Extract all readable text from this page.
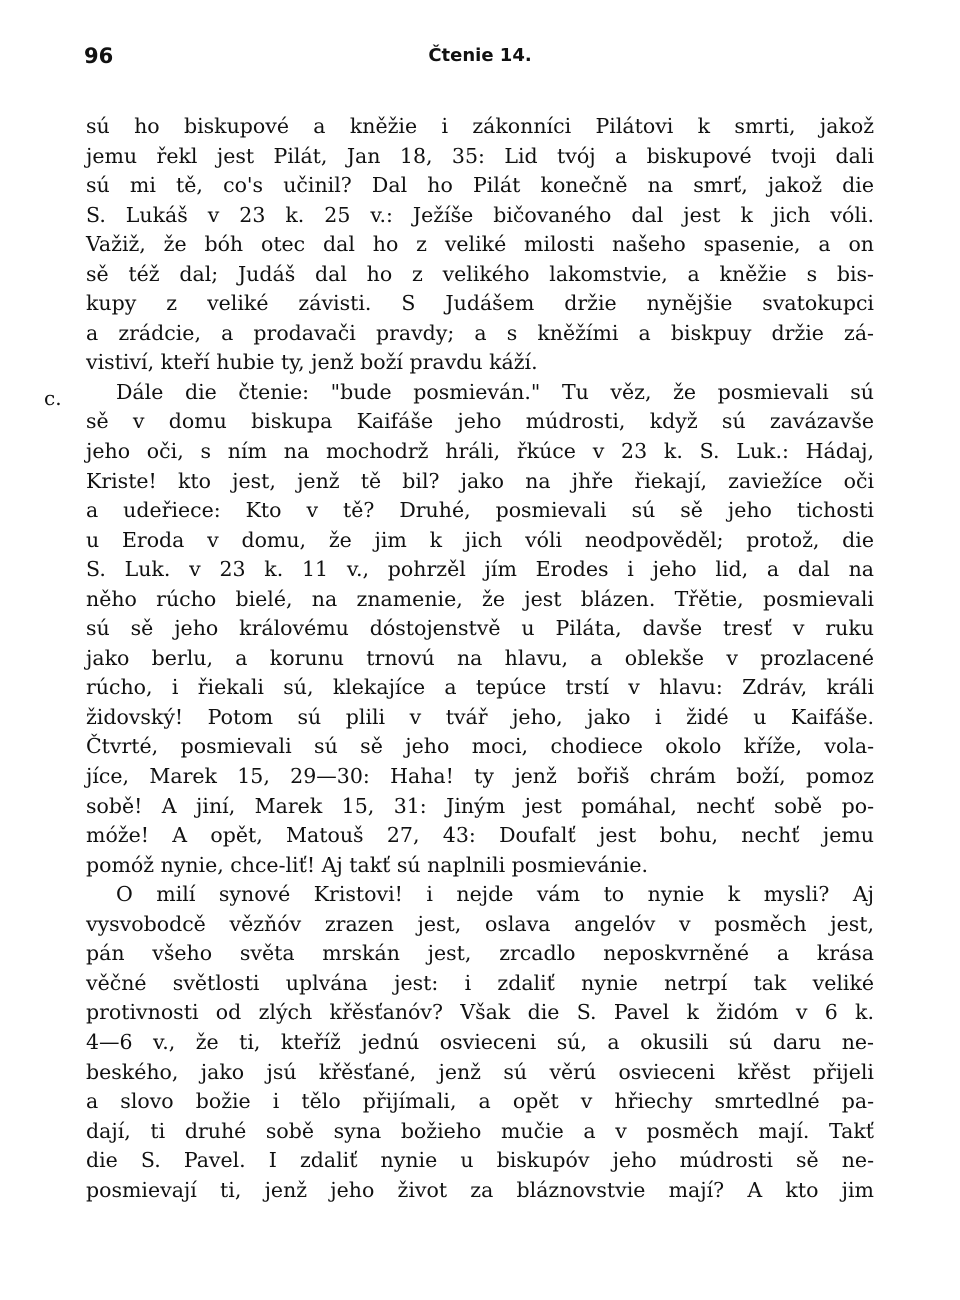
96	Čtenie 14.
c.
sú ho biskupové a kněžie i zákonníci Pilátovi k smrti, jakož
jemu řekl jest Pilát, Jan 18, 35: Lid tvój a biskupové tvoji dali
sú mi tě, co's učinil? Dal ho Pilát konečně na smrť, jakož die
S. Lukáš v 23 k. 25 v.: Ježíše bičovaného dal jest k jich vóli.
Važiž, že bóh otec dal ho z veliké milosti našeho spasenie, a on
sě též dal; Judáš dal ho z velikého lakomstvie, a kněžie s bis-
kupy z veliké závisti. S Judášem držie nynějšie svatokupci
a zrádcie, a prodavači pravdy; a s kněžími a biskpuy držie zá-
vistiví, kteří hubie ty, jenž boží pravdu káží.
Dále die čtenie: "bude posmieván." Tu věz, že posmievali sú
sě v domu biskupa Kaifáše jeho múdrosti, když sú zavázavše
jeho oči, s ním na mochodrž hráli, řkúce v 23 k. S. Luk.: Hádaj,
Kriste! kto jest, jenž tě bil? jako na jhře řiekají, zaviežíce oči
a udeřiece: Kto v tě? Druhé, posmievali sú sě jeho tichosti
u Eroda v domu, že jim k jich vóli neodpověděl; protož, die
S. Luk. v 23 k. 11 v., pohrzěl jím Erodes i jeho lid, a dal na
něho rúcho bielé, na znamenie, že jest blázen. Třětie, posmievali
sú sě jeho královému dóstojenstvě u Piláta, davše tresť v ruku
jako berlu, a korunu trnovú na hlavu, a oblekše v prozlacené
rúcho, i řiekali sú, klekajíce a tepúce trstí v hlavu: Zdráv, králi
židovský! Potom sú plili v tvář jeho, jako i židé u Kaifáše.
Čtvrté, posmievali sú sě jeho moci, chodiece okolo kříže, vola-
jíce, Marek 15, 29—30: Haha! ty jenž bořiš chrám boží, pomoz
sobě! A jiní, Marek 15, 31: Jiným jest pomáhal, nechť sobě po-
móže! A opět, Matouš 27, 43: Doufalť jest bohu, nechť jemu
pomóž nynie, chce-liť! Aj takť sú naplnili posmievánie.
O milí synové Kristovi! i nejde vám to nynie k mysli? Aj
vysvobodcě vězňóv zrazen jest, oslava angelóv v posměch jest,
pán všeho světa mrskán jest, zrcadlo neposkvrněné a krása
věčné světlosti uplvána jest: i zdaliť nynie netrpí tak veliké
protivnosti od zlých křěsťanóv? Však die S. Pavel k židóm v 6 k.
4—6 v., že ti, kteříž jednú osvieceni sú, a okusili sú daru ne-
beského, jako jsú křěsťané, jenž sú věrú osvieceni křěst přijeli
a slovo božie i tělo přijímali, a opět v hřiechy smrtedlné pa-
dají, ti druhé sobě syna božieho mučie a v posměch mají. Takť
die S. Pavel. I zdaliť nynie u biskupóv jeho múdrosti sě ne-
posmievají ti, jenž jeho život za bláznovstvie mají? A kto jim
